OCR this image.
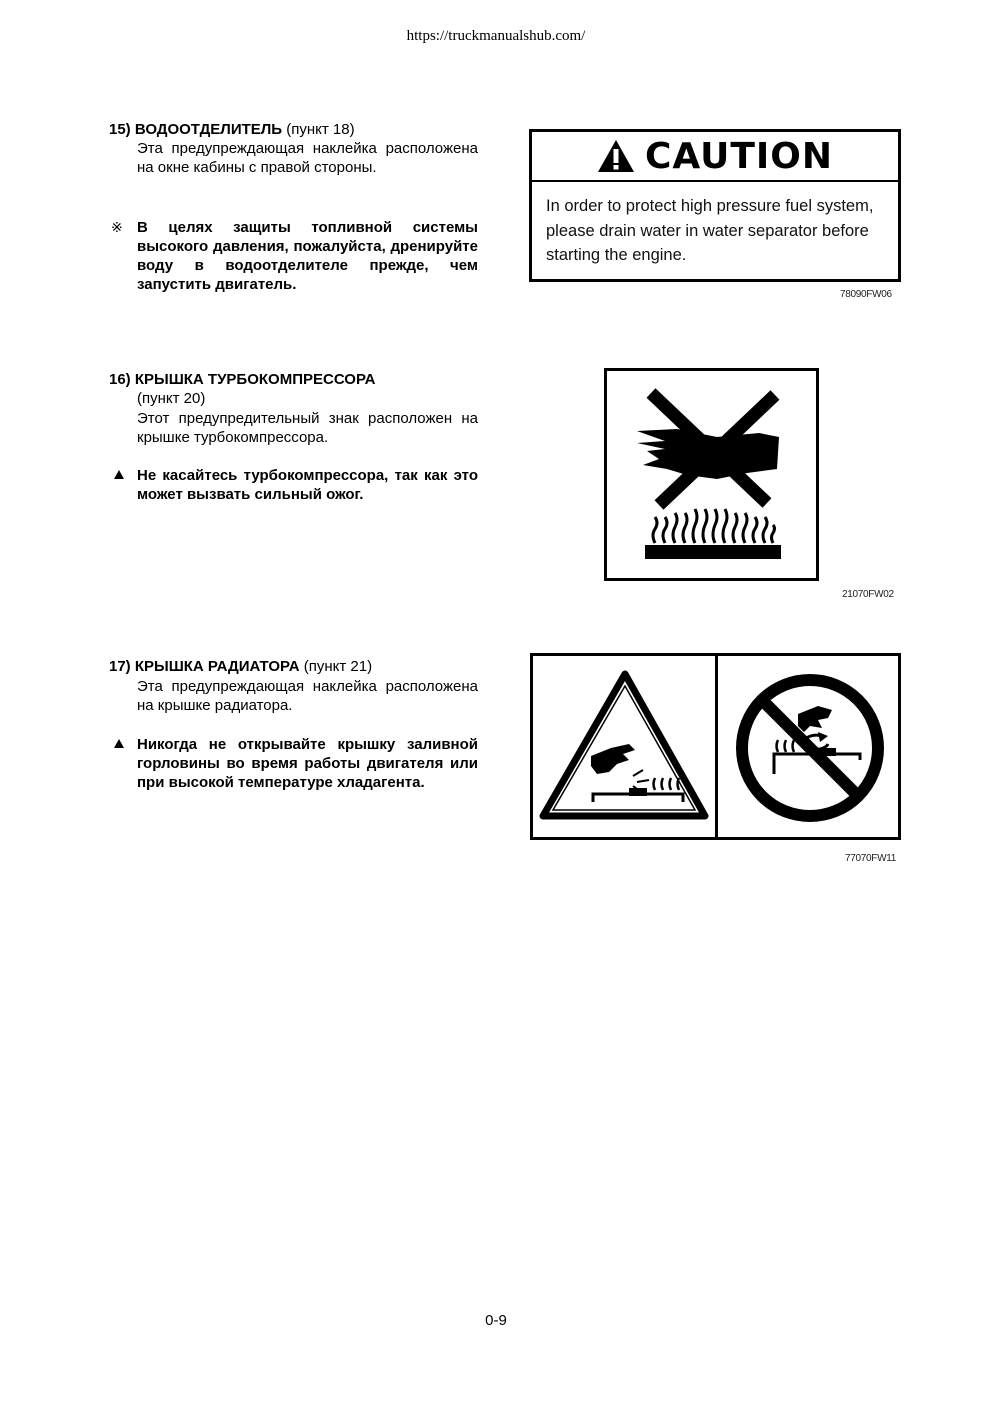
https://truckmanualshub.com/
15) ВОДООТДЕЛИТЕЛЬ (пункт 18)
Эта предупреждающая наклейка расположена на окне кабины с правой стороны.
※ В целях защиты топливной системы высокого давления, пожалуйста, дренируйте воду в водоотделителе прежде, чем запустить двигатель.
CAUTION
In order to protect high pressure fuel system,
please drain water in water separator before
starting the engine.
78090FW06
16) КРЫШКА ТУРБОКОМПРЕССОРА
(пункт 20)
Этот предупредительный знак расположен на крышке турбокомпрессора.
Не касайтесь турбокомпрессора, так как это может вызвать сильный ожог.
21070FW02
17) КРЫШКА РАДИАТОРА (пункт 21)
Эта предупреждающая наклейка расположена на крышке радиатора.
Никогда не открывайте крышку заливной горловины во время работы двигателя или при высокой температуре хладагента.
77070FW11
0-9
